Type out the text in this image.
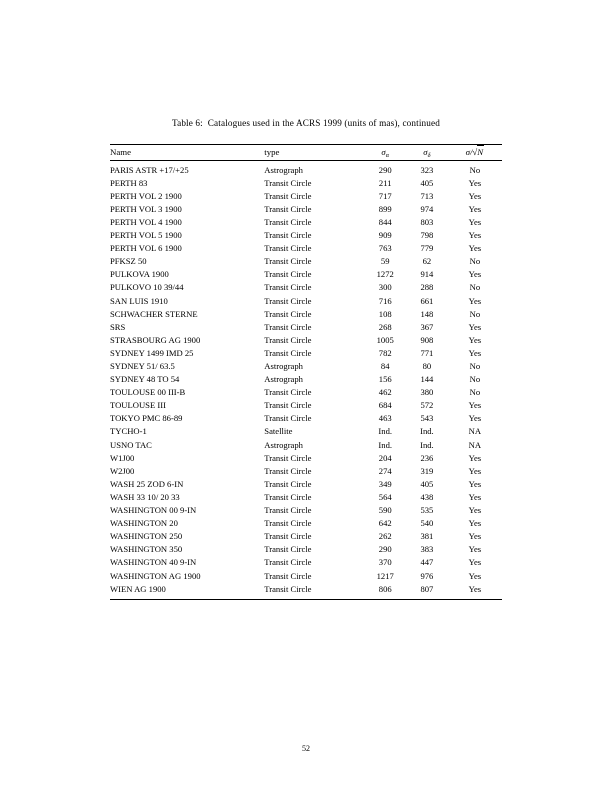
Table 6:  Catalogues used in the ACRS 1999 (units of mas), continued
Name	type	$\sigma_\alpha$	$\sigma_\delta$	σ/√N
PARIS ASTR +17/+25	Astrograph	290	323	No
PERTH 83	Transit Circle	211	405	Yes
PERTH VOL 2 1900	Transit Circle	717	713	Yes
PERTH VOL 3 1900	Transit Circle	899	974	Yes
PERTH VOL 4 1900	Transit Circle	844	803	Yes
PERTH VOL 5 1900	Transit Circle	909	798	Yes
PERTH VOL 6 1900	Transit Circle	763	779	Yes
PFKSZ 50	Transit Circle	59	62	No
PULKOVA 1900	Transit Circle	1272	914	Yes
PULKOVO 10 39/44	Transit Circle	300	288	No
SAN LUIS 1910	Transit Circle	716	661	Yes
SCHWACHER STERNE	Transit Circle	108	148	No
SRS	Transit Circle	268	367	Yes
STRASBOURG AG 1900	Transit Circle	1005	908	Yes
SYDNEY 1499 IMD 25	Transit Circle	782	771	Yes
SYDNEY 51/ 63.5	Astrograph	84	80	No
SYDNEY 48 TO 54	Astrograph	156	144	No
TOULOUSE 00 III-B	Transit Circle	462	380	No
TOULOUSE III	Transit Circle	684	572	Yes
TOKYO PMC 86-89	Transit Circle	463	543	Yes
TYCHO-1	Satellite	Ind.	Ind.	NA
USNO TAC	Astrograph	Ind.	Ind.	NA
W1J00	Transit Circle	204	236	Yes
W2J00	Transit Circle	274	319	Yes
WASH 25 ZOD 6-IN	Transit Circle	349	405	Yes
WASH 33 10/ 20 33	Transit Circle	564	438	Yes
WASHINGTON 00 9-IN	Transit Circle	590	535	Yes
WASHINGTON 20	Transit Circle	642	540	Yes
WASHINGTON 250	Transit Circle	262	381	Yes
WASHINGTON 350	Transit Circle	290	383	Yes
WASHINGTON 40 9-IN	Transit Circle	370	447	Yes
WASHINGTON AG 1900	Transit Circle	1217	976	Yes
WIEN AG 1900	Transit Circle	806	807	Yes

52
